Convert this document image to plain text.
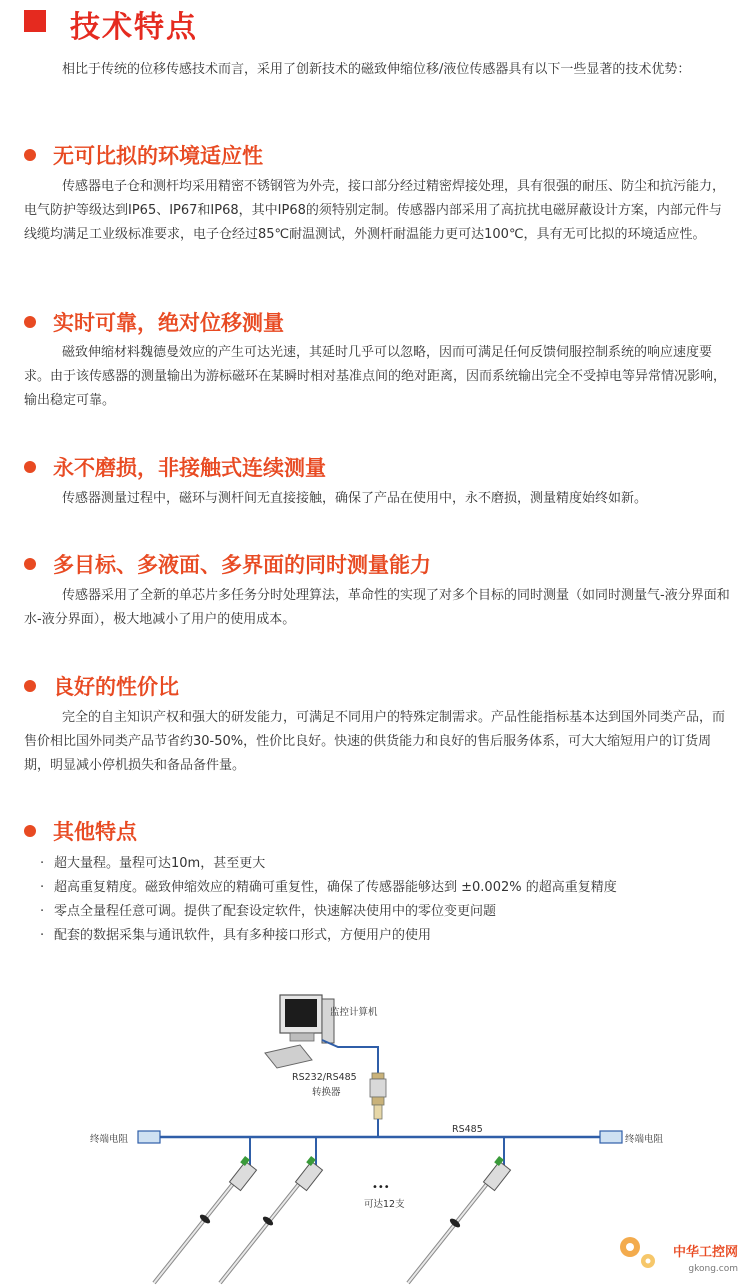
技术特点
相比于传统的位移传感技术而言，采用了创新技术的磁致伸缩位移/液位传感器具有以下一些显著的技术优势：
无可比拟的环境适应性
传感器电子仓和测杆均采用精密不锈钢管为外壳，接口部分经过精密焊接处理，具有很强的耐压、防尘和抗污能力，电气防护等级达到IP65、IP67和IP68，其中IP68的须特别定制。传感器内部采用了高抗扰电磁屏蔽设计方案，内部元件与线缆均满足工业级标准要求，电子仓经过85℃耐温测试，外测杆耐温能力更可达100℃，具有无可比拟的环境适应性。
实时可靠，绝对位移测量
磁致伸缩材料魏德曼效应的产生可达光速，其延时几乎可以忽略，因而可满足任何反馈伺服控制系统的响应速度要求。由于该传感器的测量输出为游标磁环在某瞬时相对基准点间的绝对距离，因而系统输出完全不受掉电等异常情况影响，输出稳定可靠。
永不磨损，非接触式连续测量
传感器测量过程中，磁环与测杆间无直接接触，确保了产品在使用中，永不磨损，测量精度始终如新。
多目标、多液面、多界面的同时测量能力
传感器采用了全新的单芯片多任务分时处理算法，革命性的实现了对多个目标的同时测量（如同时测量气-液分界面和水-液分界面），极大地减小了用户的使用成本。
良好的性价比
完全的自主知识产权和强大的研发能力，可满足不同用户的特殊定制需求。产品性能指标基本达到国外同类产品，而售价相比国外同类产品节省约30-50%，性价比良好。快速的供货能力和良好的售后服务体系，可大大缩短用户的订货周期，明显减小停机损失和备品备件量。
其他特点
· 超大量程。量程可达10m，甚至更大
· 超高重复精度。磁致伸缩效应的精确可重复性，确保了传感器能够达到 ±0.002% 的超高重复精度
· 零点全量程任意可调。提供了配套设定软件，快速解决使用中的零位变更问题
· 配套的数据采集与通讯软件，具有多种接口形式，方便用户的使用
监控计算机
RS232/RS485
转换器
RS485
终端电阻	终端电阻
•••
可达12支
中华工控网
gkong.com
